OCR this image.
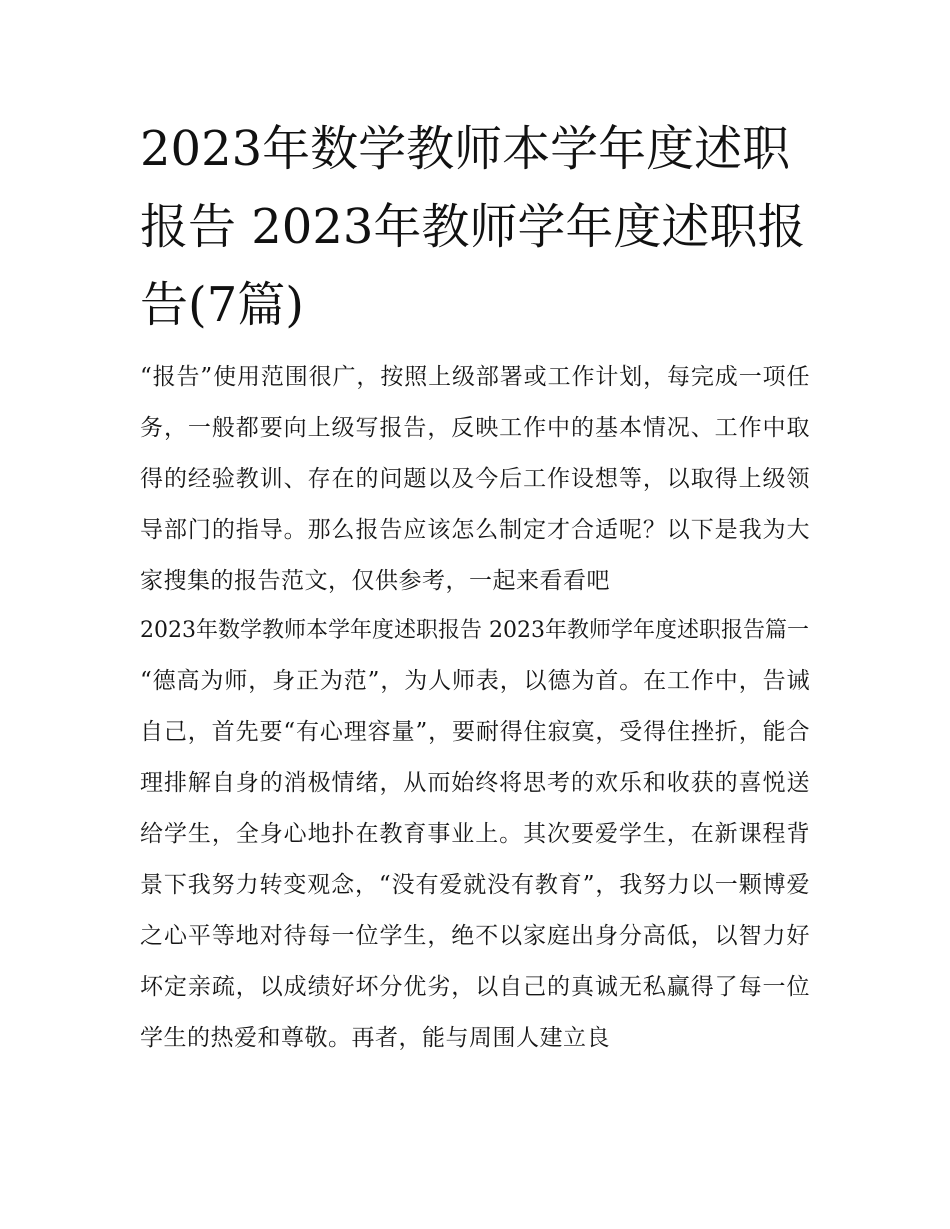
2023年数学教师本学年度述职报告 2023年教师学年度述职报告(7篇)

“报告”使用范围很广，按照上级部署或工作计划，每完成一项任务，一般都要向上级写报告，反映工作中的基本情况、工作中取得的经验教训、存在的问题以及今后工作设想等，以取得上级领导部门的指导。那么报告应该怎么制定才合适呢？以下是我为大家搜集的报告范文，仅供参考，一起来看看吧

2023年数学教师本学年度述职报告 2023年教师学年度述职报告篇一

“德高为师，身正为范”，为人师表，以德为首。在工作中，告诫自己，首先要“有心理容量”，要耐得住寂寞，受得住挫折，能合理排解自身的消极情绪，从而始终将思考的欢乐和收获的喜悦送给学生，全身心地扑在教育事业上。其次要爱学生，在新课程背景下我努力转变观念，“没有爱就没有教育”，我努力以一颗博爱之心平等地对待每一位学生，绝不以家庭出身分高低，以智力好坏定亲疏，以成绩好坏分优劣，以自己的真诚无私赢得了每一位学生的热爱和尊敬。再者，能与周围人建立良
